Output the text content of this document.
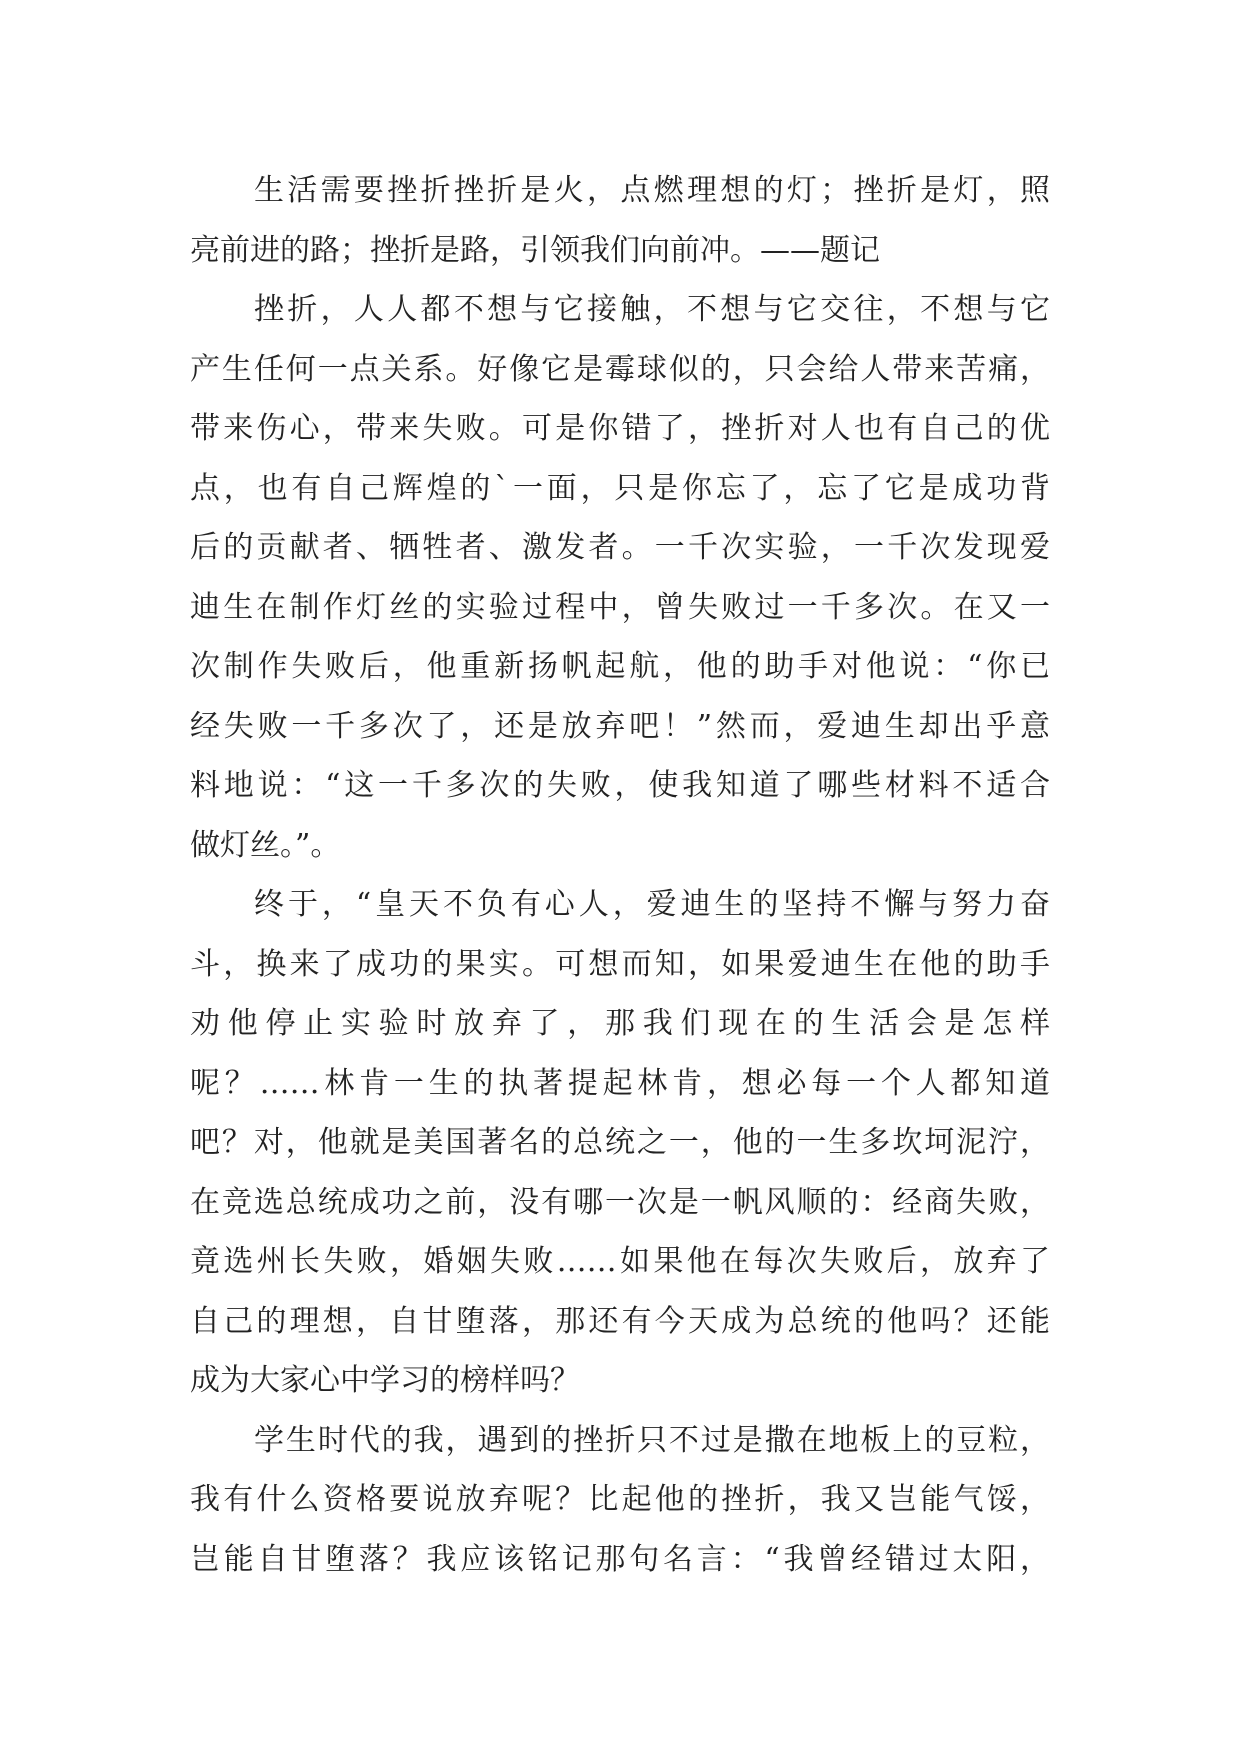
生活需要挫折挫折是火，点燃理想的灯；挫折是灯，照
亮前进的路；挫折是路，引领我们向前冲。——题记
挫折，人人都不想与它接触，不想与它交往，不想与它
产生任何一点关系。好像它是霉球似的，只会给人带来苦痛，
带来伤心，带来失败。可是你错了，挫折对人也有自己的优
点，也有自己辉煌的`一面，只是你忘了，忘了它是成功背
后的贡献者、牺牲者、激发者。一千次实验，一千次发现爱
迪生在制作灯丝的实验过程中，曾失败过一千多次。在又一
次制作失败后，他重新扬帆起航，他的助手对他说：“你已
经失败一千多次了，还是放弃吧！”然而，爱迪生却出乎意
料地说：“这一千多次的失败，使我知道了哪些材料不适合
做灯丝。”。
终于，“皇天不负有心人，爱迪生的坚持不懈与努力奋
斗，换来了成功的果实。可想而知，如果爱迪生在他的助手
劝他停止实验时放弃了，那我们现在的生活会是怎样
呢？……林肯一生的执著提起林肯，想必每一个人都知道
吧？对，他就是美国著名的总统之一，他的一生多坎坷泥泞，
在竞选总统成功之前，没有哪一次是一帆风顺的：经商失败，
竟选州长失败，婚姻失败……如果他在每次失败后，放弃了
自己的理想，自甘堕落，那还有今天成为总统的他吗？还能
成为大家心中学习的榜样吗？
学生时代的我，遇到的挫折只不过是撒在地板上的豆粒，
我有什么资格要说放弃呢？比起他的挫折，我又岂能气馁，
岂能自甘堕落？我应该铭记那句名言：“我曾经错过太阳，
